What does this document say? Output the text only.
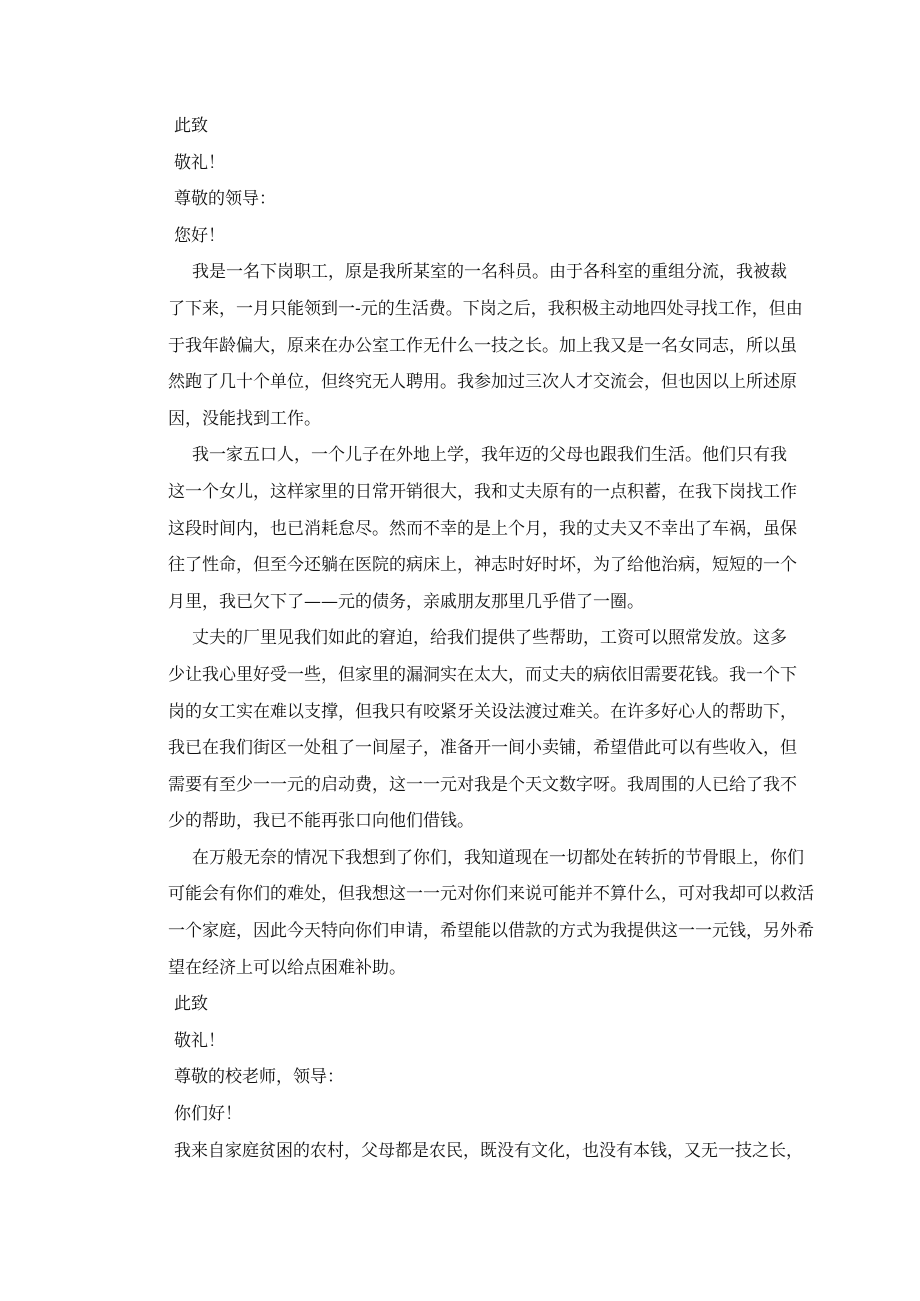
此致

敬礼！

尊敬的领导：

您好！

我是一名下岗职工，原是我所某室的一名科员。由于各科室的重组分流，我被裁
了下来，一月只能领到一-元的生活费。下岗之后，我积极主动地四处寻找工作，但由
于我年龄偏大，原来在办公室工作无什么一技之长。加上我又是一名女同志，所以虽
然跑了几十个单位，但终究无人聘用。我参加过三次人才交流会，但也因以上所述原
因，没能找到工作。
我一家五口人，一个儿子在外地上学，我年迈的父母也跟我们生活。他们只有我
这一个女儿，这样家里的日常开销很大，我和丈夫原有的一点积蓄，在我下岗找工作
这段时间内，也已消耗怠尽。然而不幸的是上个月，我的丈夫又不幸出了车祸，虽保
往了性命，但至今还躺在医院的病床上，神志时好时坏，为了给他治病，短短的一个
月里，我已欠下了——元的债务，亲戚朋友那里几乎借了一圈。
丈夫的厂里见我们如此的窘迫，给我们提供了些帮助，工资可以照常发放。这多
少让我心里好受一些，但家里的漏洞实在太大，而丈夫的病依旧需要花钱。我一个下
岗的女工实在难以支撑，但我只有咬紧牙关设法渡过难关。在许多好心人的帮助下，
我已在我们街区一处租了一间屋子，准备开一间小卖铺，希望借此可以有些收入，但
需要有至少一一元的启动费，这一一元对我是个天文数字呀。我周围的人已给了我不
少的帮助，我已不能再张口向他们借钱。
在万般无奈的情况下我想到了你们，我知道现在一切都处在转折的节骨眼上，你们
可能会有你们的难处，但我想这一一元对你们来说可能并不算什么，可对我却可以救活
一个家庭，因此今天特向你们申请，希望能以借款的方式为我提供这一一元钱，另外希
望在经济上可以给点困难补助。

此致

敬礼！

尊敬的校老师，领导：

你们好！

我来自家庭贫困的农村，父母都是农民，既没有文化，也没有本钱，又无一技之长，
